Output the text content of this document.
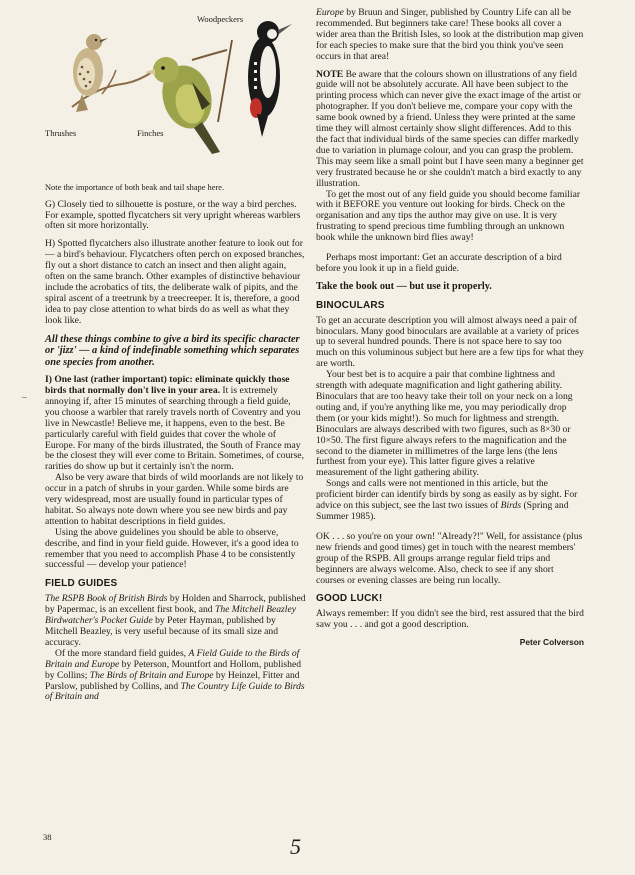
Woodpeckers
Thrushes	Finches
∼

Note the importance of both beak and tail shape here.

G) Closely tied to silhouette is posture, or the way a bird perches. For example, spotted flycatchers sit very upright whereas warblers often sit more horizontally.

H) Spotted flycatchers also illustrate another feature to look out for — a bird's behaviour. Flycatchers often perch on exposed branches, fly out a short distance to catch an insect and then alight again, often on the same branch. Other examples of distinctive behaviour include the acrobatics of tits, the deliberate walk of pipits, and the spiral ascent of a treetrunk by a treecreeper. It is, therefore, a good idea to pay close attention to what birds do as well as what they look like.

All these things combine to give a bird its specific character or 'jizz' — a kind of indefinable something which separates one species from another.

I) One last (rather important) topic: eliminate quickly those birds that normally don't live in your area. It is extremely annoying if, after 15 minutes of searching through a field guide, you choose a warbler that rarely travels north of Coventry and you live in Newcastle! Believe me, it happens, even to the best. Be particularly careful with field guides that cover the whole of Europe. For many of the birds illustrated, the South of France may be the closest they will ever come to Britain. Sometimes, of course, rarities do show up but it certainly isn't the norm.

Also be very aware that birds of wild moorlands are not likely to occur in a patch of shrubs in your garden. While some birds are very widespread, most are usually found in particular types of habitat. So always note down where you see new birds and pay attention to habitat descriptions in field guides.

Using the above guidelines you should be able to observe, describe, and find in your field guide. However, it's a good idea to remember that you need to accomplish Phase 4 to be consistently successful — develop your patience!

FIELD GUIDES

The RSPB Book of British Birds by Holden and Sharrock, published by Papermac, is an excellent first book, and The Mitchell Beazley Birdwatcher's Pocket Guide by Peter Hayman, published by Mitchell Beazley, is very useful because of its small size and accuracy.

Of the more standard field guides, A Field Guide to the Birds of Britain and Europe by Peterson, Mountfort and Hollom, published by Collins; The Birds of Britain and Europe by Heinzel, Fitter and Parslow, published by Collins, and The Country Life Guide to Birds of Britain and

Europe by Bruun and Singer, published by Country Life can all be recommended. But beginners take care! These books all cover a wider area than the British Isles, so look at the distribution map given for each species to make sure that the bird you think you've seen occurs in that area!

NOTE Be aware that the colours shown on illustrations of any field guide will not be absolutely accurate. All have been subject to the printing process which can never give the exact image of the artist or photographer. If you don't believe me, compare your copy with the same book owned by a friend. Unless they were printed at the same time they will almost certainly show slight differences. Add to this the fact that individual birds of the same species can differ markedly due to variation in plumage colour, and you can grasp the problem. This may seem like a small point but I have seen many a beginner get very frustrated because he or she couldn't match a bird exactly to any illustration.

To get the most out of any field guide you should become familiar with it BEFORE you venture out looking for birds. Check on the organisation and any tips the author may give on use. It is very frustrating to spend precious time fumbling through an unknown book while the unknown bird flies away!

Perhaps most important: Get an accurate description of a bird before you look it up in a field guide.

Take the book out — but use it properly.
BINOCULARS

To get an accurate description you will almost always need a pair of binoculars. Many good binoculars are available at a variety of prices up to several hundred pounds. There is not space here to say too much on this voluminous subject but here are a few tips for what they are worth.

Your best bet is to acquire a pair that combine lightness and strength with adequate magnification and light gathering ability. Binoculars that are too heavy take their toll on your neck on a long outing and, if you're anything like me, you may periodically drop them (or your kids might!). So much for lightness and strength. Binoculars are always described with two figures, such as 8×30 or 10×50. The first figure always refers to the magnification and the second to the diameter in millimetres of the large lens (the lens furthest from your eye). This latter figure gives a relative measurement of the light gathering ability.

Songs and calls were not mentioned in this article, but the proficient birder can identify birds by song as easily as by sight. For advice on this subject, see the last two issues of Birds (Spring and Summer 1985).

OK . . . so you're on your own! "Already?!" Well, for assistance (plus new friends and good times) get in touch with the nearest members' group of the RSPB. All groups arrange regular field trips and beginners are always welcome. Also, check to see if any short courses or evening classes are being run locally.

GOOD LUCK!

Always remember: If you didn't see the bird, rest assured that the bird saw you . . . and got a good description.

Peter Colverson
38	5
